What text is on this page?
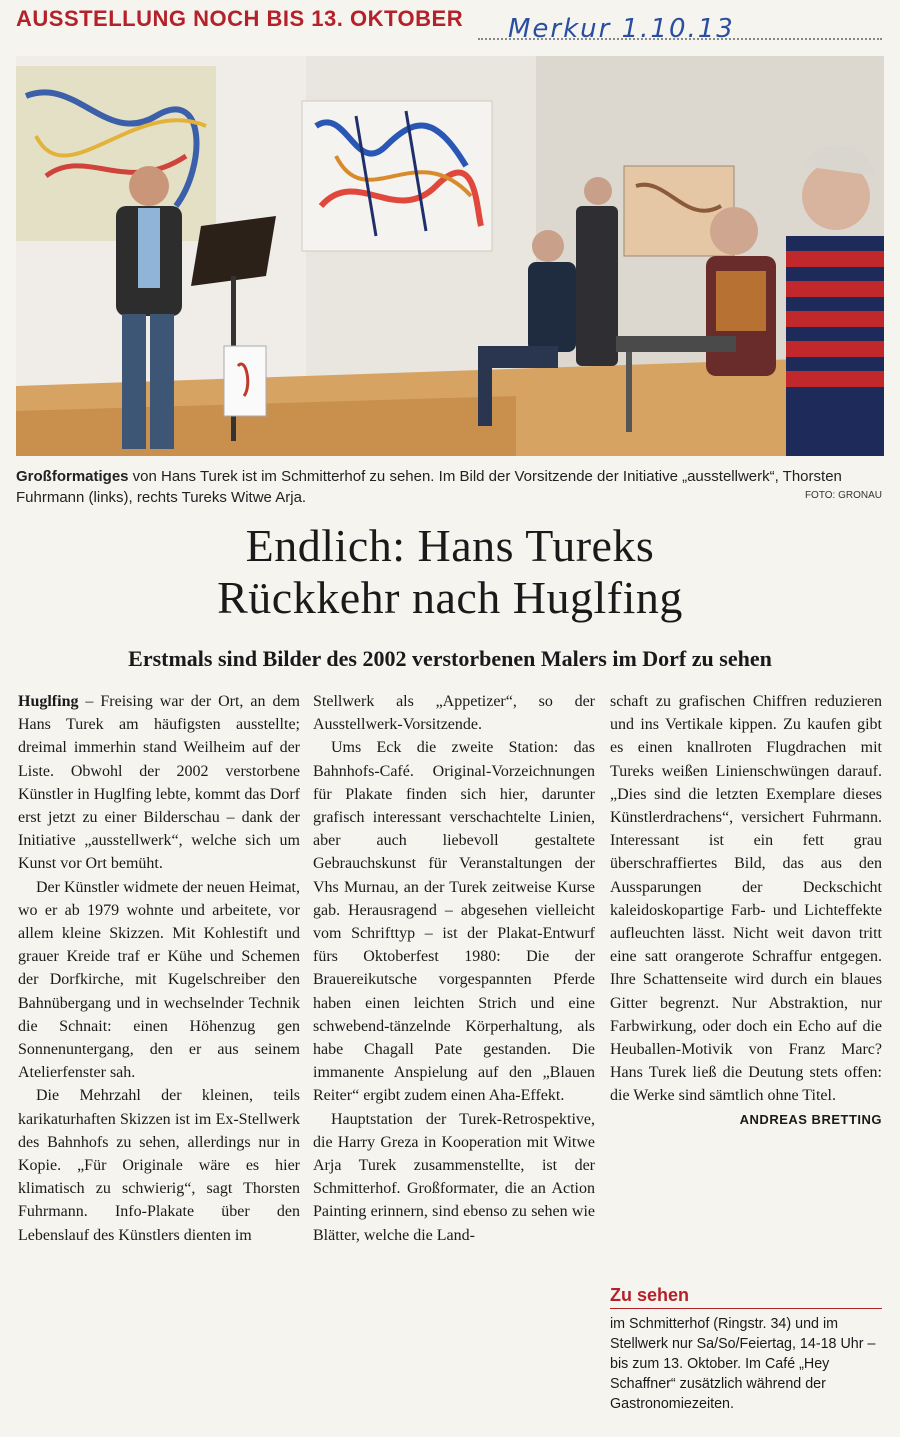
AUSSTELLUNG NOCH BIS 13. OKTOBER Merkur 1.10.13
Großformatiges von Hans Turek ist im Schmitterhof zu sehen. Im Bild der Vorsitzende der Initiative „ausstellwerk“, Thorsten Fuhrmann (links), rechts Tureks Witwe Arja.	FOTO: GRONAU
Endlich: Hans Tureks
Rückkehr nach Huglfing
Erstmals sind Bilder des 2002 verstorbenen Malers im Dorf zu sehen

Huglfing – Freising war der Ort, an dem Hans Turek am häufigsten ausstellte; dreimal immerhin stand Weilheim auf der Liste. Obwohl der 2002 verstorbene Künstler in Huglfing lebte, kommt das Dorf erst jetzt zu einer Bilderschau – dank der Initiative „ausstellwerk“, welche sich um Kunst vor Ort bemüht.

Der Künstler widmete der neuen Heimat, wo er ab 1979 wohnte und arbeitete, vor allem kleine Skizzen. Mit Kohlestift und grauer Kreide traf er Kühe und Schemen der Dorfkirche, mit Kugelschreiber den Bahnübergang und in wechselnder Technik die Schnait: einen Höhenzug gen Sonnenuntergang, den er aus seinem Atelierfenster sah.

Die Mehrzahl der kleinen, teils karikaturhaften Skizzen ist im Ex-Stellwerk des Bahnhofs zu sehen, allerdings nur in Kopie. „Für Originale wäre es hier klimatisch zu schwierig“, sagt Thorsten Fuhrmann. Info-Plakate über den Lebenslauf des Künstlers dienten im

Stellwerk als „Appetizer“, so der Ausstellwerk-Vorsitzende.

Ums Eck die zweite Station: das Bahnhofs-Café. Original-Vorzeichnungen für Plakate finden sich hier, darunter grafisch interessant verschachtelte Linien, aber auch liebevoll gestaltete Gebrauchskunst für Veranstaltungen der Vhs Murnau, an der Turek zeitweise Kurse gab. Herausragend – abgesehen vielleicht vom Schrifttyp – ist der Plakat-Entwurf fürs Oktoberfest 1980: Die der Brauereikutsche vorgespannten Pferde haben einen leichten Strich und eine schwebend-tänzelnde Körperhaltung, als habe Chagall Pate gestanden. Die immanente Anspielung auf den „Blauen Reiter“ ergibt zudem einen Aha-Effekt.

Hauptstation der Turek-Retrospektive, die Harry Greza in Kooperation mit Witwe Arja Turek zusammenstellte, ist der Schmitterhof. Großformater, die an Action Painting erinnern, sind ebenso zu sehen wie Blätter, welche die Land-

schaft zu grafischen Chiffren reduzieren und ins Vertikale kippen. Zu kaufen gibt es einen knallroten Flugdrachen mit Tureks weißen Linienschwüngen darauf. „Dies sind die letzten Exemplare dieses Künstlerdrachens“, versichert Fuhrmann. Interessant ist ein fett grau überschraffiertes Bild, das aus den Aussparungen der Deckschicht kaleidoskopartige Farb- und Lichteffekte aufleuchten lässt. Nicht weit davon tritt eine satt orangerote Schraffur entgegen. Ihre Schattenseite wird durch ein blaues Gitter begrenzt. Nur Abstraktion, nur Farbwirkung, oder doch ein Echo auf die Heuballen-Motivik von Franz Marc? Hans Turek ließ die Deutung stets offen: die Werke sind sämtlich ohne Titel.

ANDREAS BRETTING
Zu sehen
im Schmitterhof (Ringstr. 34) und im Stellwerk nur Sa/So/Feiertag, 14-18 Uhr – bis zum 13. Oktober. Im Café „Hey Schaffner“ zusätzlich während der Gastronomiezeiten.
